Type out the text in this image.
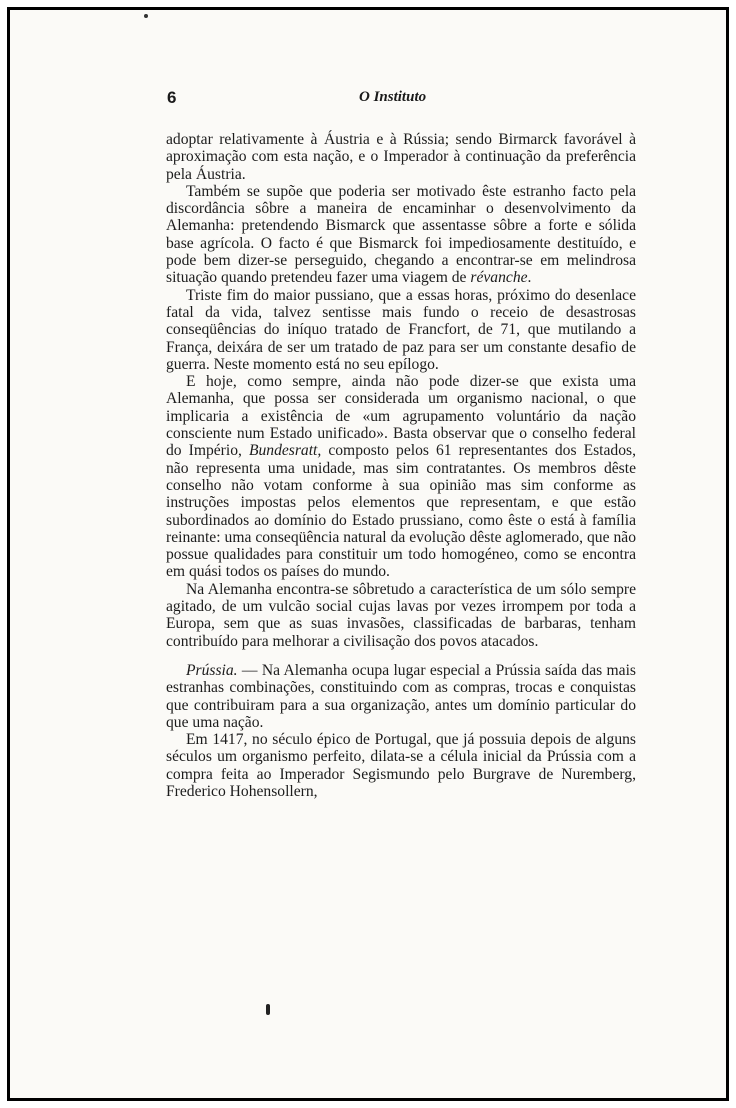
6	O Instituto

adoptar relativamente à Áustria e à Rússia; sendo Birmarck favorável à aproximação com esta nação, e o Imperador à continuação da preferência pela Áustria.

Também se supõe que poderia ser motivado êste estranho facto pela discordância sôbre a maneira de encaminhar o desenvolvimento da Alemanha: pretendendo Bismarck que assentasse sôbre a forte e sólida base agrícola. O facto é que Bismarck foi impediosamente destituído, e pode bem dizer-se perseguido, chegando a encontrar-se em melindrosa situação quando pretendeu fazer uma viagem de révanche.

Triste fim do maior pussiano, que a essas horas, próximo do desenlace fatal da vida, talvez sentisse mais fundo o receio de desastrosas conseqüências do iníquo tratado de Francfort, de 71, que mutilando a França, deixára de ser um tratado de paz para ser um constante desafio de guerra. Neste momento está no seu epílogo.

E hoje, como sempre, ainda não pode dizer-se que exista uma Alemanha, que possa ser considerada um organismo nacional, o que implicaria a existência de «um agrupamento voluntário da nação consciente num Estado unificado». Basta observar que o conselho federal do Império, Bundesratt, composto pelos 61 representantes dos Estados, não representa uma unidade, mas sim contratantes. Os membros dêste conselho não votam conforme à sua opinião mas sim conforme as instruções impostas pelos elementos que representam, e que estão subordinados ao domínio do Estado prussiano, como êste o está à família reinante: uma conseqüência natural da evolução dêste aglomerado, que não possue qualidades para constituir um todo homogéneo, como se encontra em quási todos os países do mundo.

Na Alemanha encontra-se sôbretudo a característica de um sólo sempre agitado, de um vulcão social cujas lavas por vezes irrompem por toda a Europa, sem que as suas invasões, classificadas de barbaras, tenham contribuído para melhorar a civilisação dos povos atacados.

Prússia. — Na Alemanha ocupa lugar especial a Prússia saída das mais estranhas combinações, constituindo com as compras, trocas e conquistas que contribuiram para a sua organização, antes um domínio particular do que uma nação.

Em 1417, no século épico de Portugal, que já possuia depois de alguns séculos um organismo perfeito, dilata-se a célula inicial da Prússia com a compra feita ao Imperador Segismundo pelo Burgrave de Nuremberg, Frederico Hohensollern,
